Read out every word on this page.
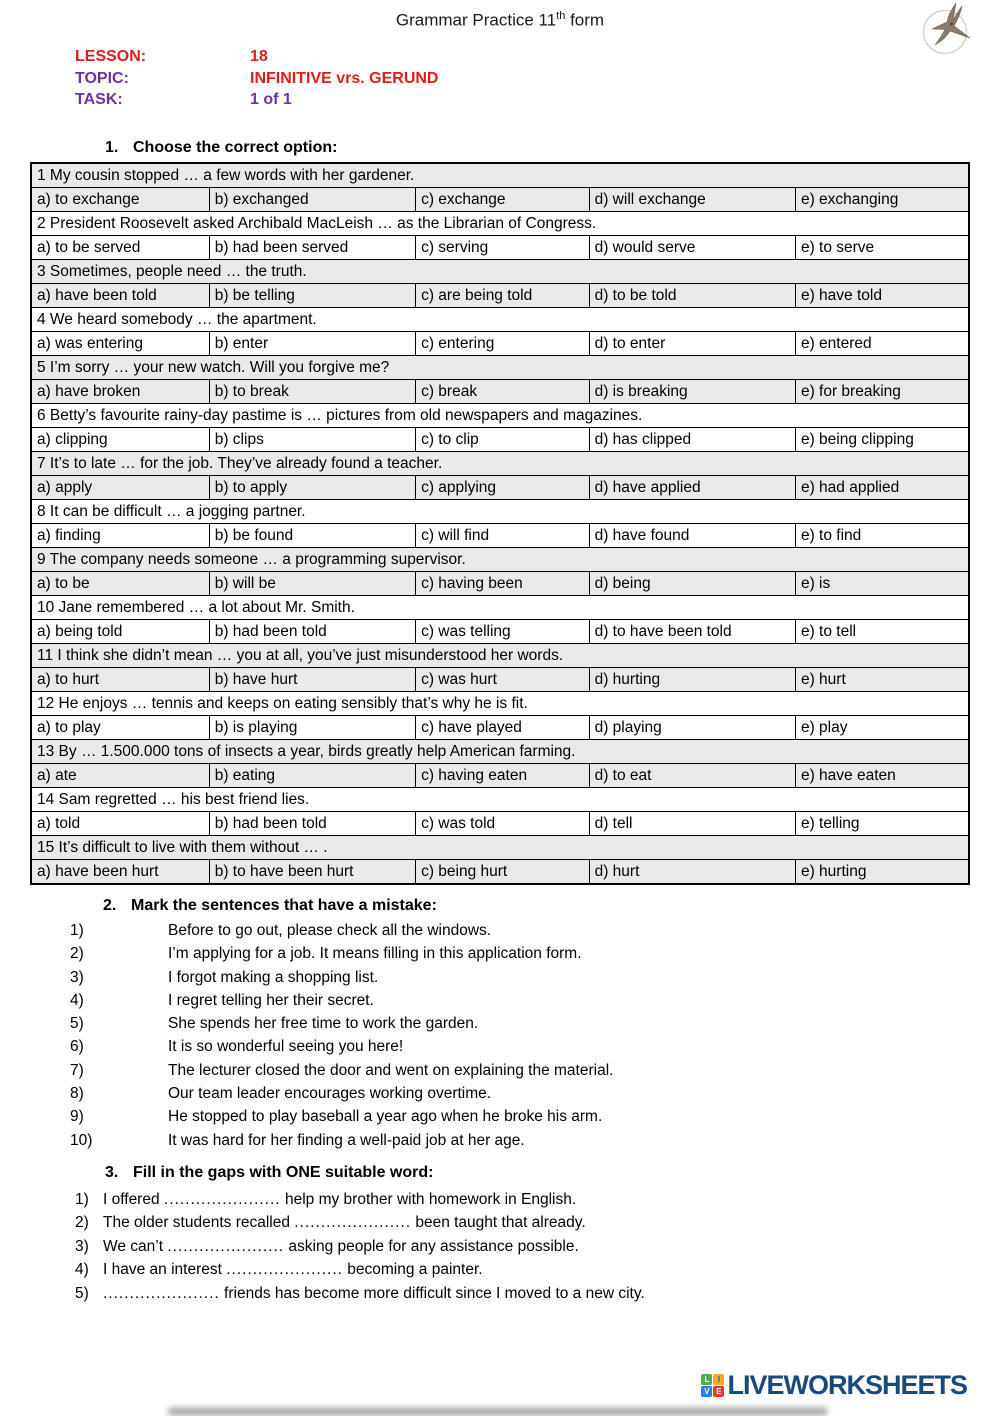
Grammar Practice 11th form
LESSON:	18
TOPIC:	INFINITIVE vrs. GERUND
TASK:	1 of 1
1. Choose the correct option:
1 My cousin stopped … a few words with her gardener.				
a) to exchange	b) exchanged	c) exchange	d) will exchange	e) exchanging
2 President Roosevelt asked Archibald MacLeish … as the Librarian of Congress.				
a) to be served	b) had been served	c) serving	d) would serve	e) to serve
3 Sometimes, people need … the truth.				
a) have been told	b) be telling	c) are being told	d) to be told	e) have told
4 We heard somebody … the apartment.				
a) was entering	b) enter	c) entering	d) to enter	e) entered
5 I’m sorry … your new watch. Will you forgive me?				
a) have broken	b) to break	c) break	d) is breaking	e) for breaking
6 Betty’s favourite rainy-day pastime is … pictures from old newspapers and magazines.				
a) clipping	b) clips	c) to clip	d) has clipped	e) being clipping
7 It’s to late … for the job. They’ve already found a teacher.				
a) apply	b) to apply	c) applying	d) have applied	e) had applied
8 It can be difficult … a jogging partner.				
a) finding	b) be found	c) will find	d) have found	e) to find
9 The company needs someone … a programming supervisor.				
a) to be	b) will be	c) having been	d) being	e) is
10 Jane remembered … a lot about Mr. Smith.				
a) being told	b) had been told	c) was telling	d) to have been told	e) to tell
11 I think she didn’t mean … you at all, you’ve just misunderstood her words.				
a) to hurt	b) have hurt	c) was hurt	d) hurting	e) hurt
12 He enjoys … tennis and keeps on eating sensibly that’s why he is fit.				
a) to play	b) is playing	c) have played	d) playing	e) play
13 By … 1.500.000 tons of insects a year, birds greatly help American farming.				
a) ate	b) eating	c) having eaten	d) to eat	e) have eaten
14 Sam regretted … his best friend lies.				
a) told	b) had been told	c) was told	d) tell	e) telling
15 It’s difficult to live with them without … .				
a) have been hurt	b) to have been hurt	c) being hurt	d) hurt	e) hurting
2. Mark the sentences that have a mistake:
1)	Before to go out, please check all the windows.
2)	I’m applying for a job. It means filling in this application form.
3)	I forgot making a shopping list.
4)	I regret telling her their secret.
5)	She spends her free time to work the garden.
6)	It is so wonderful seeing you here!
7)	The lecturer closed the door and went on explaining the material.
8)	Our team leader encourages working overtime.
9)	He stopped to play baseball a year ago when he broke his arm.
10)	It was hard for her finding a well-paid job at her age.
3. Fill in the gaps with ONE suitable word:
1) I offered ...................... help my brother with homework in English.
2) The older students recalled ...................... been taught that already.
3) We can’t ...................... asking people for any assistance possible.
4) I have an interest ...................... becoming a painter.
5) ...................... friends has become more difficult since I moved to a new city.
L	I
V E LIVEWORKSHEETS
